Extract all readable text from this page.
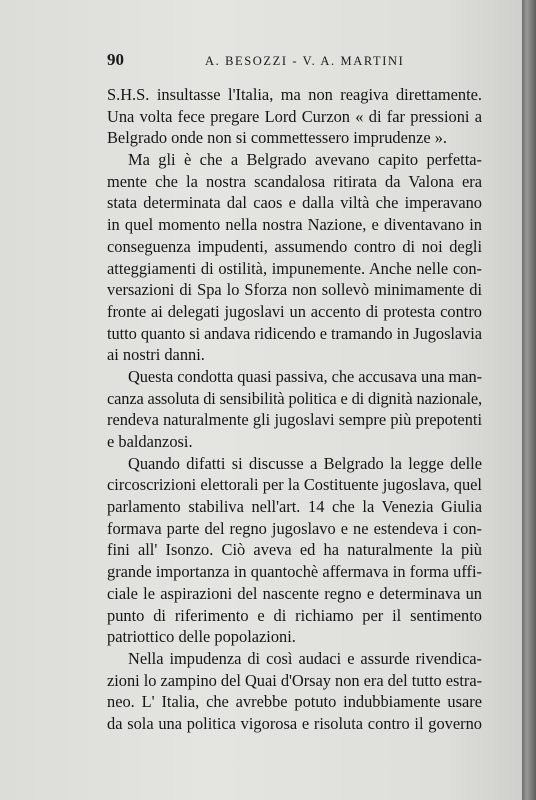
90	A. BESOZZI - V. A. MARTINI
S.H.S. insultasse l'Italia, ma non reagiva direttamente.
Una volta fece pregare Lord Curzon « di far pressioni a
Belgrado onde non si commettessero imprudenze ».
Ma gli è che a Belgrado avevano capito perfetta-
mente che la nostra scandalosa ritirata da Valona era
stata determinata dal caos e dalla viltà che imperavano
in quel momento nella nostra Nazione, e diventavano in
conseguenza impudenti, assumendo contro di noi degli
atteggiamenti di ostilità, impunemente. Anche nelle con-
versazioni di Spa lo Sforza non sollevò minimamente di
fronte ai delegati jugoslavi un accento di protesta contro
tutto quanto si andava ridicendo e tramando in Jugoslavia
ai nostri danni.
Questa condotta quasi passiva, che accusava una man-
canza assoluta di sensibilità politica e di dignità nazionale,
rendeva naturalmente gli jugoslavi sempre più prepotenti
e baldanzosi.
Quando difatti si discusse a Belgrado la legge delle
circoscrizioni elettorali per la Costituente jugoslava, quel
parlamento stabiliva nell'art. 14 che la Venezia Giulia
formava parte del regno jugoslavo e ne estendeva i con-
fini all' Isonzo. Ciò aveva ed ha naturalmente la più
grande importanza in quantochè affermava in forma uffi-
ciale le aspirazioni del nascente regno e determinava un
punto di riferimento e di richiamo per il sentimento
patriottico delle popolazioni.
Nella impudenza di così audaci e assurde rivendica-
zioni lo zampino del Quai d'Orsay non era del tutto estra-
neo. L' Italia, che avrebbe potuto indubbiamente usare
da sola una politica vigorosa e risoluta contro il governo
